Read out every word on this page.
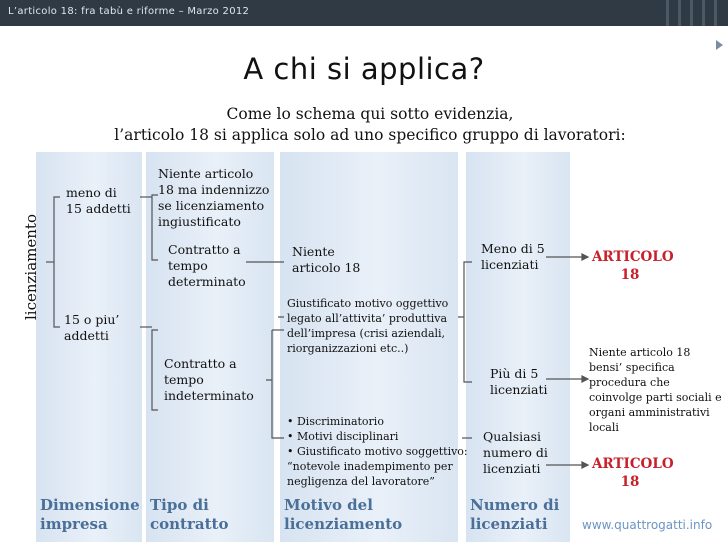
L’articolo 18: fra tabù e riforme – Marzo 2012
A chi si applica?
Come lo schema qui sotto evidenzia,
l’articolo 18 si applica solo ad uno specifico gruppo di lavoratori:
licenziamento
meno di
15 addetti
15 o piu’
addetti
Niente articolo
18 ma indennizzo
se licenziamento
ingiustificato
Contratto a
tempo
determinato
Contratto a
tempo
indeterminato
Niente
articolo 18
Giustificato motivo oggettivo
legato all’attivita’ produttiva
dell’impresa (crisi aziendali,
riorganizzazioni etc..)
• Discriminatorio
• Motivi disciplinari
• Giustificato motivo soggettivo:
“notevole inadempimento per
negligenza del lavoratore”
Meno di 5
licenziati
Più di 5
licenziati
Qualsiasi
numero di
licenziati
ARTICOLO
18
Niente articolo 18
bensi’ specifica
procedura che
coinvolge parti sociali e
organi amministrativi
locali
ARTICOLO
18
Dimensione
impresa
Tipo di
contratto
Motivo del
licenziamento
Numero di
licenziati	www.quattrogatti.info
